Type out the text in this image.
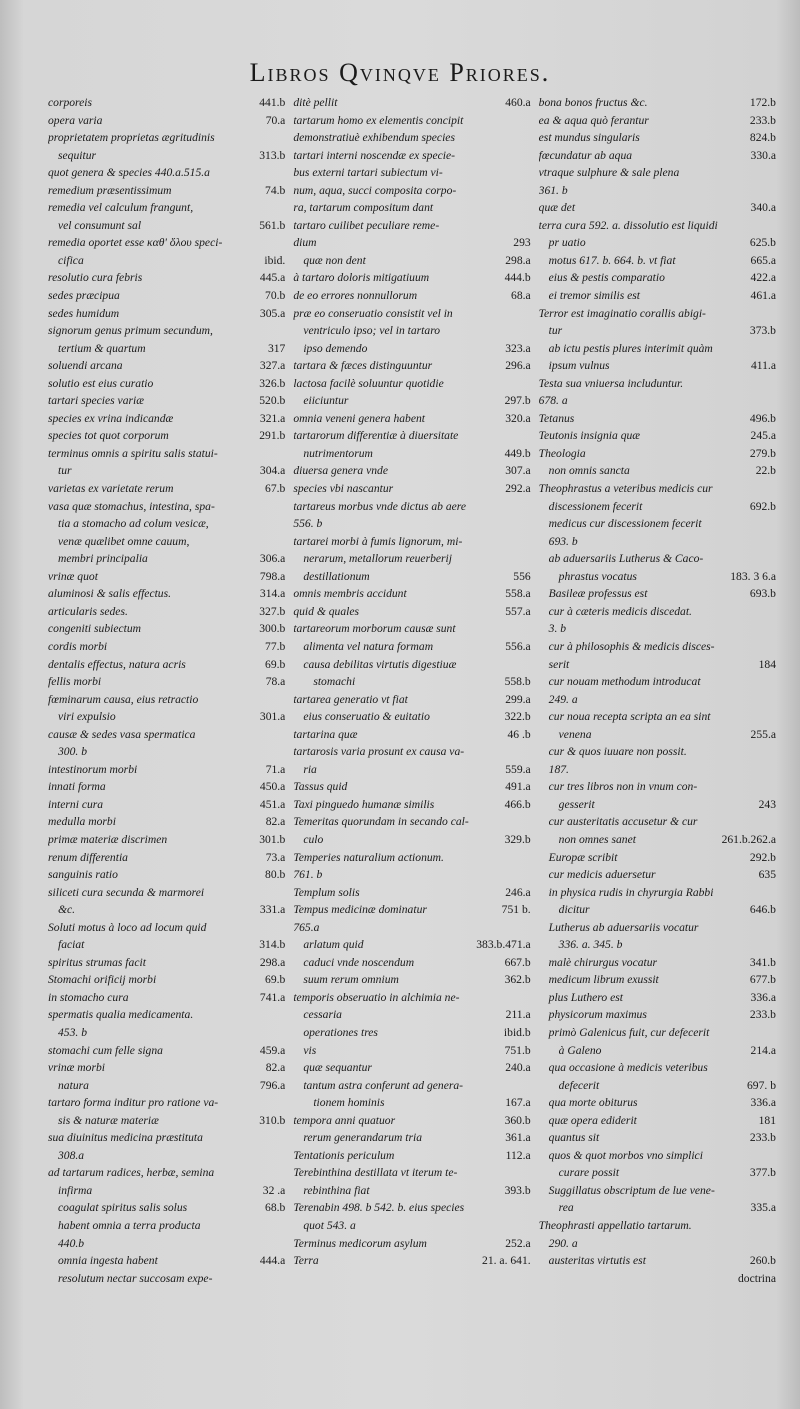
Libros Qvinqve Priores.
441.b
corporeis
70.a
opera varia
proprietatem proprietas ægritudinis
313.b
sequitur
quot genera & species 440.a.515.a
74.b
remedium præsentissimum
remedia vel calculum frangunt,
561.b
vel consumunt sal
remedia oportet esse καθ' ὅλου speci-
ibid.
cifica
445.a
resolutio cura febris
70.b
sedes præcipua
305.a
sedes humidum
signorum genus primum secundum,
317
tertium & quartum
327.a
soluendi arcana
326.b
solutio est eius curatio
520.b
tartari species variæ
321.a
species ex vrina indicandæ
291.b
species tot quot corporum
terminus omnis a spiritu salis statui-
304.a
tur
67.b
varietas ex varietate rerum
vasa quæ stomachus, intestina, spa-
tia a stomacho ad colum vesicæ,
venæ quælibet omne cauum,
306.a
membri principalia
798.a
vrinæ quot
314.a
aluminosi & salis effectus.
327.b
articularis sedes.
300.b
congeniti subiectum
77.b
cordis morbi
69.b
dentalis effectus, natura acris
78.a
fellis morbi
fœminarum causa, eius retractio
301.a
viri expulsio
causæ & sedes vasa spermatica
300. b
71.a
intestinorum morbi
450.a
innati forma
451.a
interni cura
82.a
medulla morbi
301.b
primæ materiæ discrimen
73.a
renum differentia
80.b
sanguinis ratio
siliceti cura secunda & marmorei
331.a
&c.
Soluti motus à loco ad locum quid
314.b
faciat
298.a
spiritus strumas facit
69.b
Stomachi orificij morbi
741.a
in stomacho cura
spermatis qualia medicamenta.
453. b
459.a
stomachi cum felle signa
82.a
vrinæ morbi
796.a
natura
tartaro forma inditur pro ratione va-
310.b
sis & naturæ materiæ
sua diuinitus medicina præstituta
308.a
ad tartarum radices, herbæ, semina
32 .a
infirma
68.b
coagulat spiritus salis solus
habent omnia a terra producta
440.b
444.a
omnia ingesta habent
resolutum nectar succosam expe-
460.a
ditè pellit
tartarum homo ex elementis concipit
demonstratiuè exhibendum species
tartari interni noscendæ ex specie-
bus externi tartari subiectum vi-
num, aqua, succi composita corpo-
ra, tartarum compositum dant
tartaro cuilibet peculiare reme-
293
dium
298.a
quæ non dent
444.b
à tartaro doloris mitigatiuum
68.a
de eo errores nonnullorum
præ eo conseruatio consistit vel in
ventriculo ipso; vel in tartaro
323.a
ipso demendo
296.a
tartara & fæces distinguuntur
lactosa facilè soluuntur quotidie
297.b
eiiciuntur
320.a
omnia veneni genera habent
tartarorum differentiæ à diuersitate
449.b
nutrimentorum
307.a
diuersa genera vnde
292.a
species vbi nascantur
tartareus morbus vnde dictus ab aere
556. b
tartarei morbi à fumis lignorum, mi-
nerarum, metallorum reuerberij
556
destillationum
558.a
omnis membris accidunt
557.a
quid & quales
tartareorum morborum causæ sunt
556.a
alimenta vel natura formam
causa debilitas virtutis digestiuæ
558.b
stomachi
299.a
tartarea generatio vt fiat
322.b
eius conseruatio & euitatio
46 .b
tartarina quæ
tartarosis varia prosunt ex causa va-
559.a
ria
491.a
Tassus quid
466.b
Taxi pinguedo humanæ similis
Temeritas quorundam in secando cal-
329.b
culo
Temperies naturalium actionum.
761. b
246.a
Templum solis
751 b.
Tempus medicinæ dominatur
765.a
383.b.471.a
arlatum quid
667.b
caduci vnde noscendum
362.b
suum rerum omnium
temporis obseruatio in alchimia ne-
211.a
cessaria
ibid.b
operationes tres
751.b
vis
240.a
quæ sequantur
tantum astra conferunt ad genera-
167.a
tionem hominis
360.b
tempora anni quatuor
361.a
rerum generandarum tria
112.a
Tentationis periculum
Terebinthina destillata vt iterum te-
393.b
rebinthina fiat
Terenabin 498. b 542. b. eius species
quot 543. a
252.a
Terminus medicorum asylum
21. a. 641.
Terra
172.b
bona bonos fructus &c.
233.b
ea & aqua quò ferantur
824.b
est mundus singularis
330.a
fœcundatur ab aqua
vtraque sulphure & sale plena
361. b
340.a
quæ det
terra cura 592. a. dissolutio est liquidi
625.b
pr uatio
665.a
motus 617. b. 664. b. vt fiat
422.a
eius & pestis comparatio
461.a
ei tremor similis est
Terror est imaginatio corallis abigi-
373.b
tur
ab ictu pestis plures interimit quàm
411.a
ipsum vulnus
Testa sua vniuersa includuntur.
678. a
496.b
Tetanus
245.a
Teutonis insignia quæ
279.b
Theologia
22.b
non omnis sancta
Theophrastus a veteribus medicis cur
692.b
discessionem fecerit
medicus cur discessionem fecerit
693. b
ab aduersariis Lutherus & Caco-
183. 3 6.a
phrastus vocatus
693.b
Basileæ professus est
cur à cæteris medicis discedat.
3. b
cur à philosophis & medicis disces-
184
serit
cur nouam methodum introducat
249. a
cur noua recepta scripta an ea sint
255.a
venena
cur & quos iuuare non possit.
187.
cur tres libros non in vnum con-
243
gesserit
cur austeritatis accusetur & cur
261.b.262.a
non omnes sanet
292.b
Europæ scribit
635
cur medicis aduersetur
in physica rudis in chyrurgia Rabbi
646.b
dicitur
Lutherus ab aduersariis vocatur
336. a. 345. b
341.b
malè chirurgus vocatur
677.b
medicum librum exussit
336.a
plus Luthero est
233.b
physicorum maximus
primò Galenicus fuit, cur defecerit
214.a
à Galeno
qua occasione à medicis veteribus
697. b
defecerit
336.a
qua morte obiturus
181
quæ opera ediderit
233.b
quantus sit
quos & quot morbos vno simplici
377.b
curare possit
Suggillatus obscriptum de lue vene-
335.a
rea
Theophrasti appellatio tartarum.
290. a
260.b
austeritas virtutis est
doctrina
